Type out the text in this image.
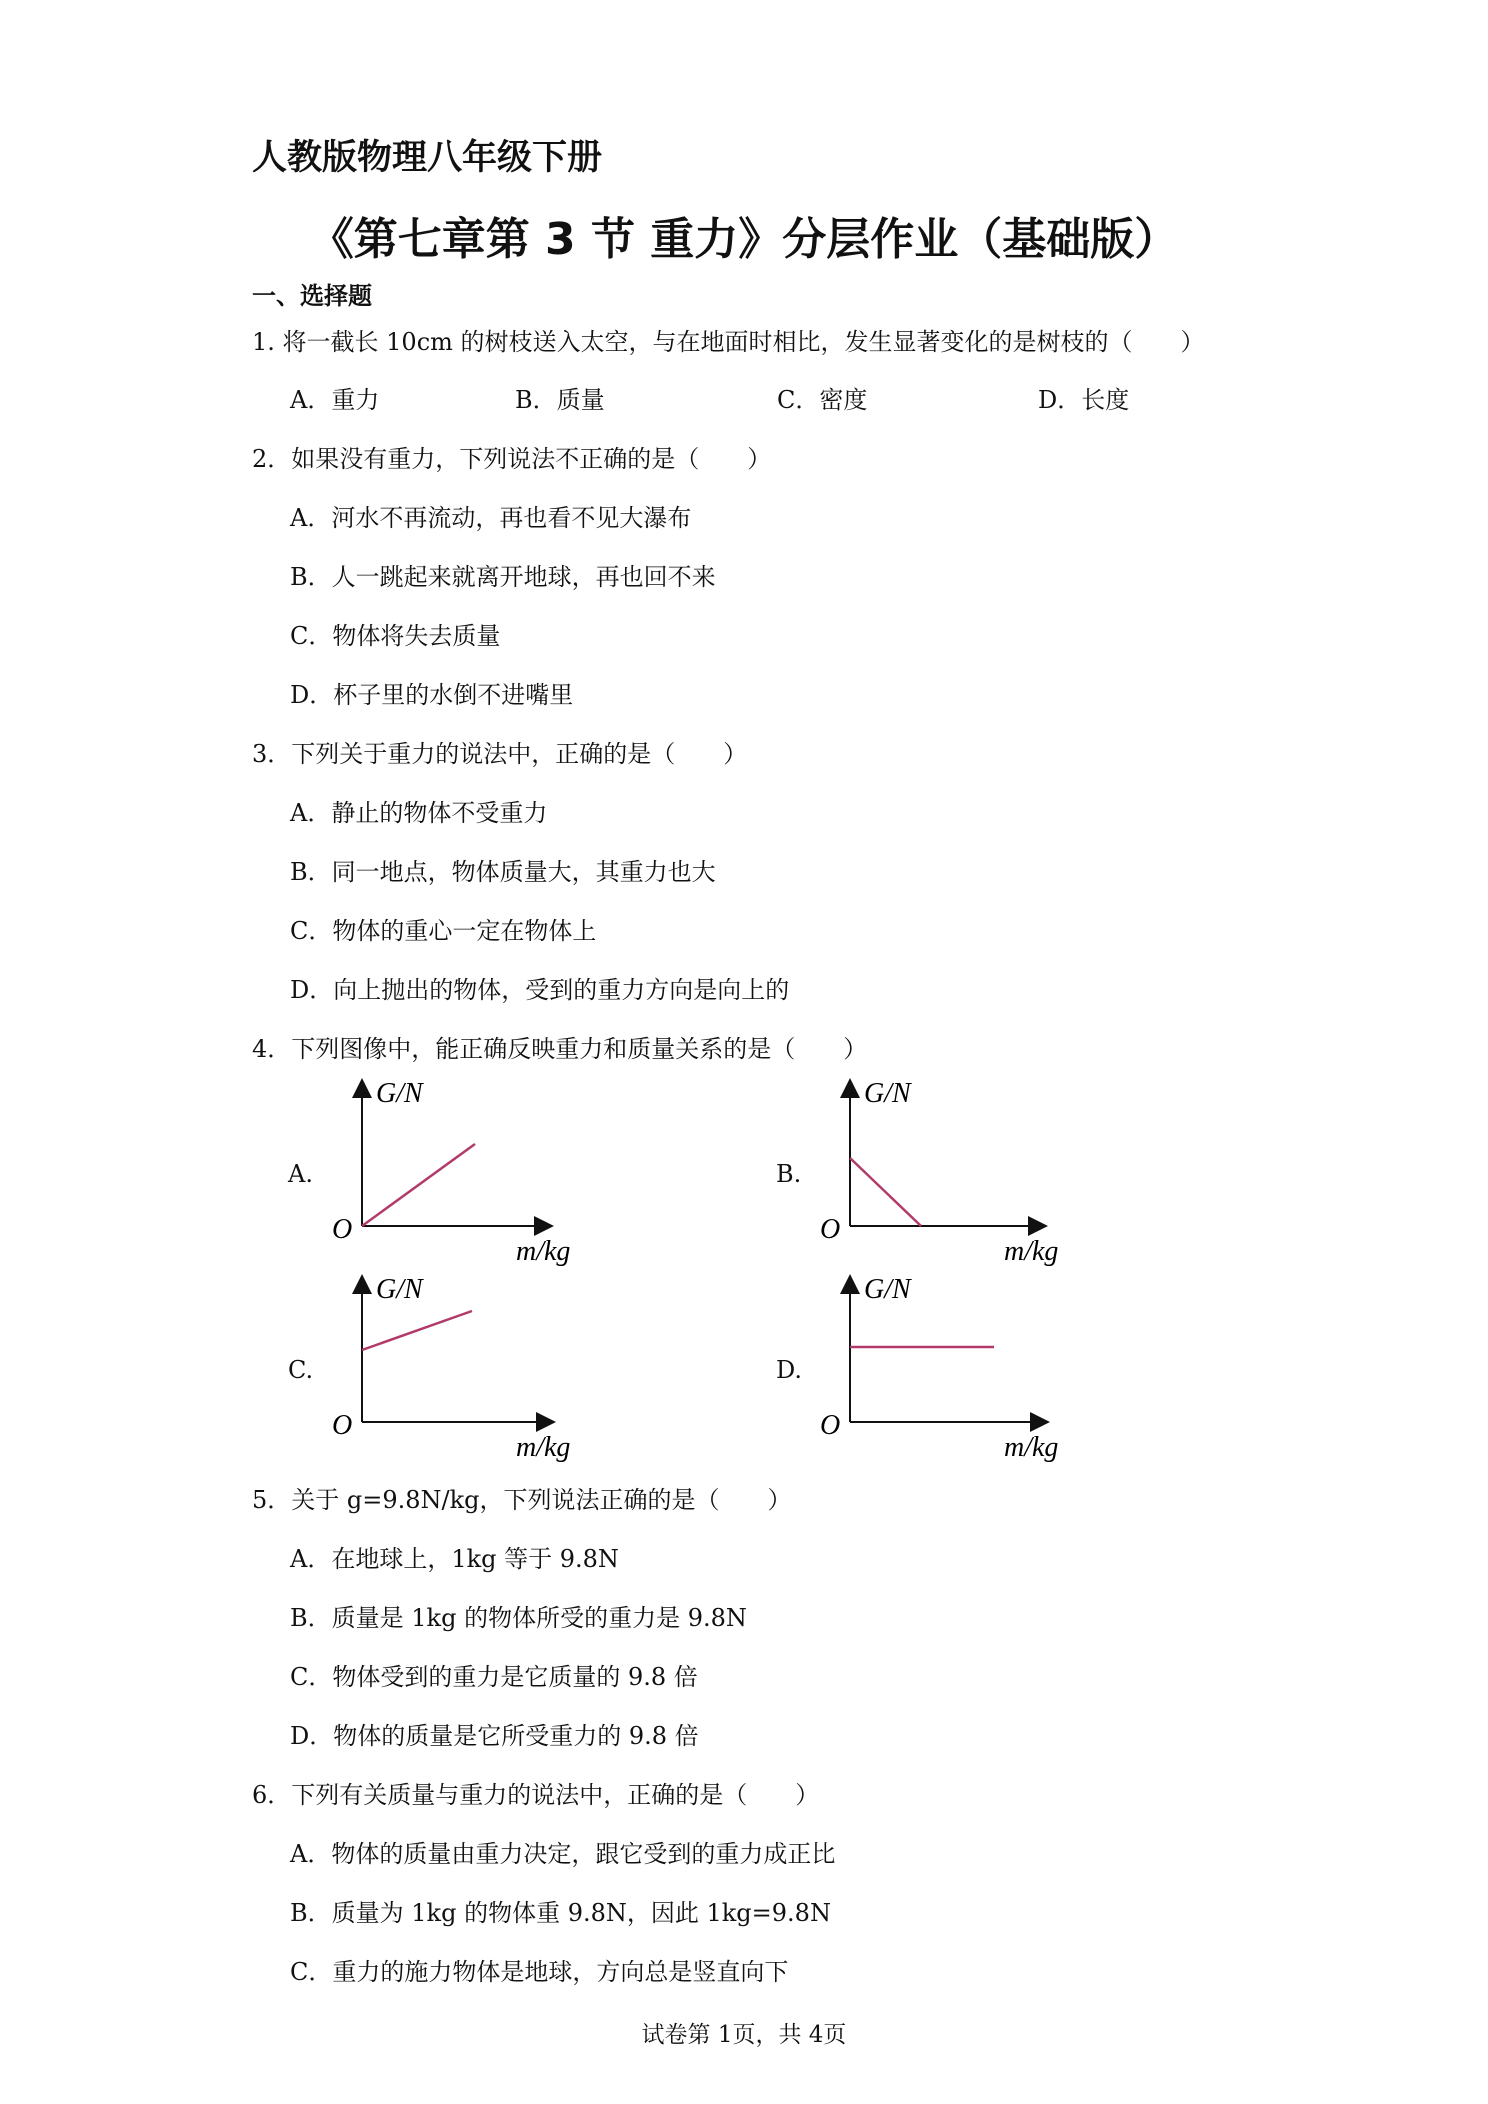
人教版物理八年级下册
《第七章第 3 节 重力》分层作业（基础版）
一、选择题
1. 将一截长 10cm 的树枝送入太空，与在地面时相比，发生显著变化的是树枝的（　　）
A．重力	B．质量	C．密度	D．长度
2．如果没有重力，下列说法不正确的是（　　）
A．河水不再流动，再也看不见大瀑布
B．人一跳起来就离开地球，再也回不来
C．物体将失去质量
D．杯子里的水倒不进嘴里
3．下列关于重力的说法中，正确的是（　　）
A．静止的物体不受重力
B．同一地点，物体质量大，其重力也大
C．物体的重心一定在物体上
D．向上抛出的物体，受到的重力方向是向上的
4．下列图像中，能正确反映重力和质量关系的是（　　）
A.	B.
C.	D.
G/N
O
m/kg
G/N
O
m/kg
G/N
O
m/kg
G/N
O
m/kg
5．关于 g=9.8N/kg，下列说法正确的是（　　）
A．在地球上，1kg 等于 9.8N
B．质量是 1kg 的物体所受的重力是 9.8N
C．物体受到的重力是它质量的 9.8 倍
D．物体的质量是它所受重力的 9.8 倍
6．下列有关质量与重力的说法中，正确的是（　　）
A．物体的质量由重力决定，跟它受到的重力成正比
B．质量为 1kg 的物体重 9.8N，因此 1kg=9.8N
C．重力的施力物体是地球，方向总是竖直向下
试卷第 1页，共 4页
